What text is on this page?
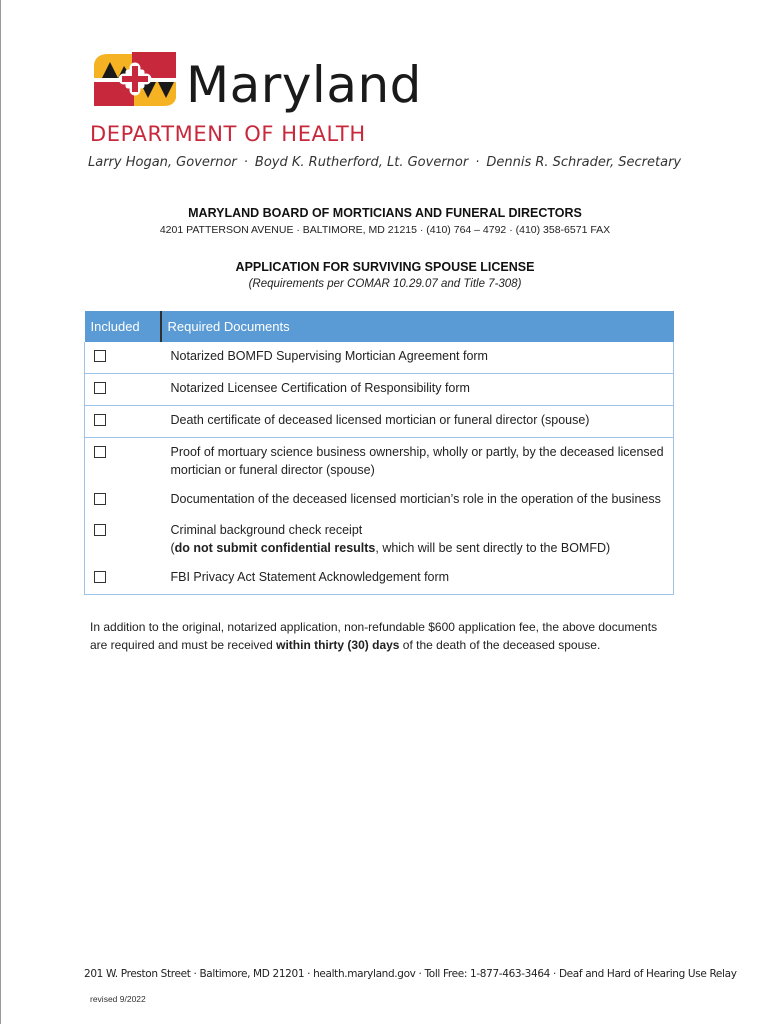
Maryland
DEPARTMENT OF HEALTH
Larry Hogan, Governor · Boyd K. Rutherford, Lt. Governor · Dennis R. Schrader, Secretary
MARYLAND BOARD OF MORTICIANS AND FUNERAL DIRECTORS
4201 PATTERSON AVENUE · BALTIMORE, MD 21215 · (410) 764 – 4792 · (410) 358-6571 FAX
APPLICATION FOR SURVIVING SPOUSE LICENSE
(Requirements per COMAR 10.29.07 and Title 7-308)
Included	Required Documents
	Notarized BOMFD Supervising Mortician Agreement form
	Notarized Licensee Certification of Responsibility form
	Death certificate of deceased licensed mortician or funeral director (spouse)
	Proof of mortuary science business ownership, wholly or partly, by the deceased licensed mortician or funeral director (spouse)
	Documentation of the deceased licensed mortician’s role in the operation of the business

	Criminal background check receipt
(do not submit confidential results, which will be sent directly to the BOMFD)
	FBI Privacy Act Statement Acknowledgement form
In addition to the original, notarized application, non-refundable $600 application fee, the above documents are required and must be received within thirty (30) days of the death of the deceased spouse.
201 W. Preston Street · Baltimore, MD 21201 · health.maryland.gov · Toll Free: 1-877-463-3464 · Deaf and Hard of Hearing Use Relay
revised 9/2022
